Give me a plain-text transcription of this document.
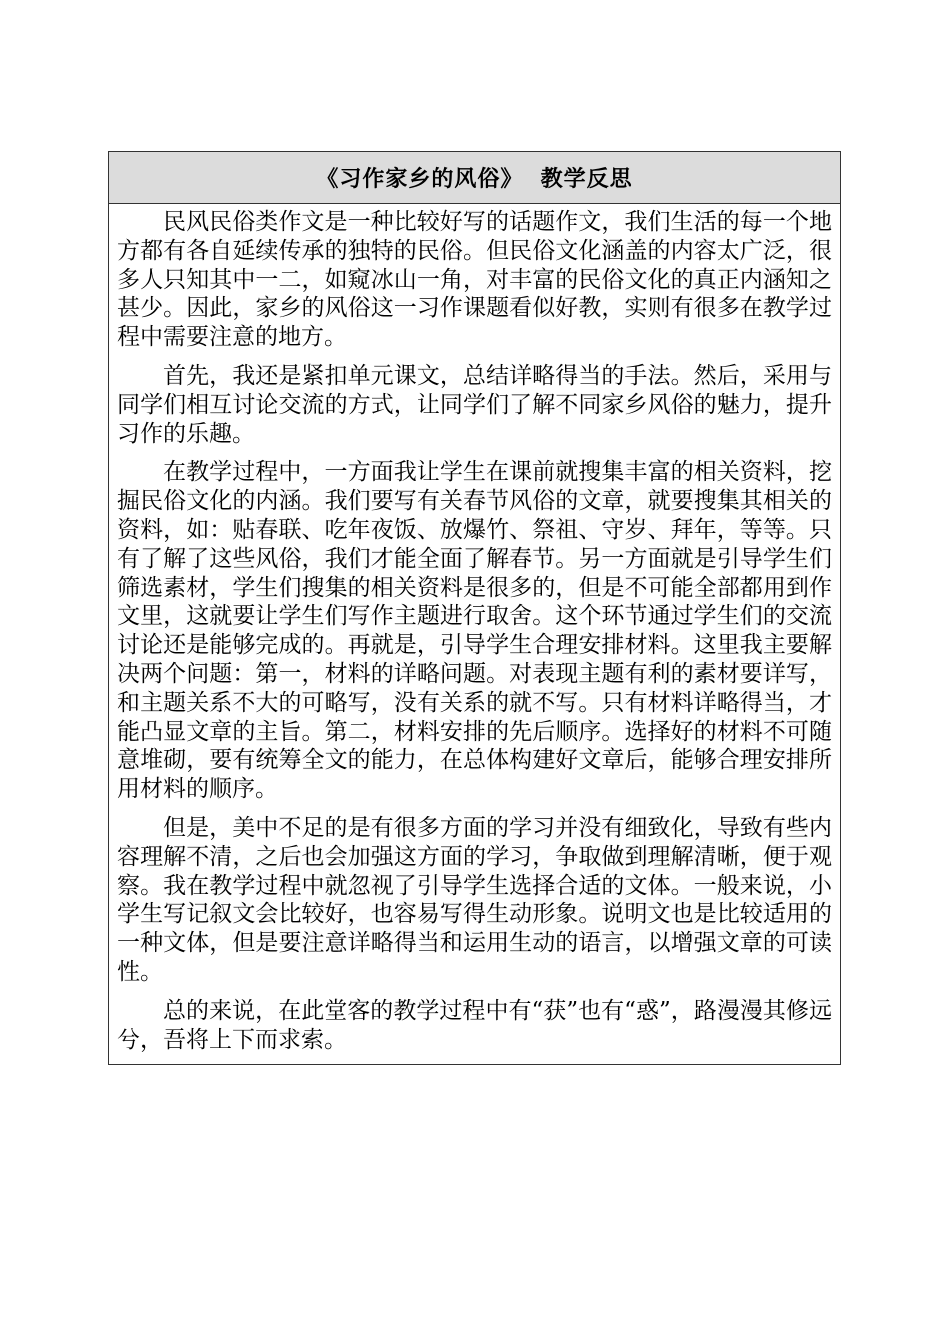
《习作家乡的风俗》  教学反思

民风民俗类作文是一种比较好写的话题作文，我们生活的每一个地方都有各自延续传承的独特的民俗。但民俗文化涵盖的内容太广泛，很多人只知其中一二，如窥冰山一角，对丰富的民俗文化的真正内涵知之甚少。因此，家乡的风俗这一习作课题看似好教，实则有很多在教学过程中需要注意的地方。

首先，我还是紧扣单元课文，总结详略得当的手法。然后，采用与同学们相互讨论交流的方式，让同学们了解不同家乡风俗的魅力，提升习作的乐趣。

在教学过程中，一方面我让学生在课前就搜集丰富的相关资料，挖掘民俗文化的内涵。我们要写有关春节风俗的文章，就要搜集其相关的资料，如：贴春联、吃年夜饭、放爆竹、祭祖、守岁、拜年，等等。只有了解了这些风俗，我们才能全面了解春节。另一方面就是引导学生们筛选素材，学生们搜集的相关资料是很多的，但是不可能全部都用到作文里，这就要让学生们写作主题进行取舍。这个环节通过学生们的交流讨论还是能够完成的。再就是，引导学生合理安排材料。这里我主要解决两个问题：第一，材料的详略问题。对表现主题有利的素材要详写，和主题关系不大的可略写，没有关系的就不写。只有材料详略得当，才能凸显文章的主旨。第二，材料安排的先后顺序。选择好的材料不可随意堆砌，要有统筹全文的能力，在总体构建好文章后，能够合理安排所用材料的顺序。

但是，美中不足的是有很多方面的学习并没有细致化，导致有些内容理解不清，之后也会加强这方面的学习，争取做到理解清晰，便于观察。我在教学过程中就忽视了引导学生选择合适的文体。一般来说，小学生写记叙文会比较好，也容易写得生动形象。说明文也是比较适用的一种文体，但是要注意详略得当和运用生动的语言，以增强文章的可读性。

总的来说，在此堂客的教学过程中有“获”也有“惑”，路漫漫其修远兮，吾将上下而求索。
